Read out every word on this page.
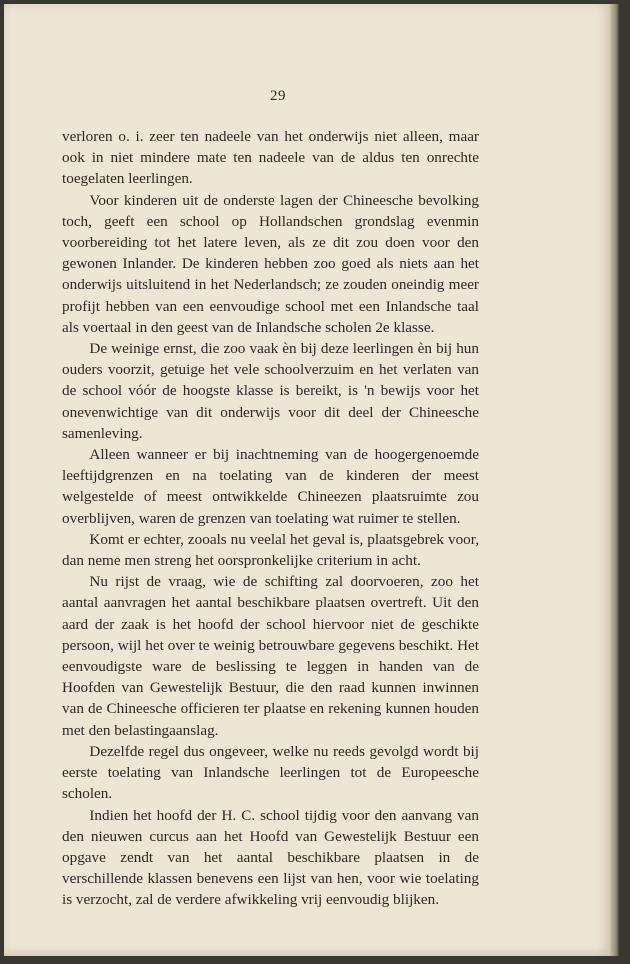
29

verloren o. i. zeer ten nadeele van het onderwijs niet alleen, maar ook in niet mindere mate ten nadeele van de aldus ten onrechte toegelaten leerlingen.

Voor kinderen uit de onderste lagen der Chineesche bevolking toch, geeft een school op Hollandschen grondslag evenmin voorbereiding tot het latere leven, als ze dit zou doen voor den gewonen Inlander. De kinderen hebben zoo goed als niets aan het onderwijs uitsluitend in het Nederlandsch; ze zouden oneindig meer profijt hebben van een eenvoudige school met een Inlandsche taal als voertaal in den geest van de Inlandsche scholen 2e klasse.

De weinige ernst, die zoo vaak èn bij deze leerlingen èn bij hun ouders voorzit, getuige het vele schoolverzuim en het verlaten van de school vóór de hoogste klasse is bereikt, is 'n bewijs voor het onevenwichtige van dit onderwijs voor dit deel der Chineesche samenleving.

Alleen wanneer er bij inachtneming van de hoogergenoemde leeftijdgrenzen en na toelating van de kinderen der meest welgestelde of meest ontwikkelde Chineezen plaatsruimte zou overblijven, waren de grenzen van toelating wat ruimer te stellen.

Komt er echter, zooals nu veelal het geval is, plaatsgebrek voor, dan neme men streng het oorspronkelijke criterium in acht.

Nu rijst de vraag, wie de schifting zal doorvoeren, zoo het aantal aanvragen het aantal beschikbare plaatsen overtreft. Uit den aard der zaak is het hoofd der school hiervoor niet de geschikte persoon, wijl het over te weinig betrouwbare gegevens beschikt. Het eenvoudigste ware de beslissing te leggen in handen van de Hoofden van Gewestelijk Bestuur, die den raad kunnen inwinnen van de Chineesche officieren ter plaatse en rekening kunnen houden met den belastingaanslag.

Dezelfde regel dus ongeveer, welke nu reeds gevolgd wordt bij eerste toelating van Inlandsche leerlingen tot de Europeesche scholen.

Indien het hoofd der H. C. school tijdig voor den aanvang van den nieuwen curcus aan het Hoofd van Gewestelijk Bestuur een opgave zendt van het aantal beschikbare plaatsen in de verschillende klassen benevens een lijst van hen, voor wie toelating is verzocht, zal de verdere afwikkeling vrij eenvoudig blijken.
